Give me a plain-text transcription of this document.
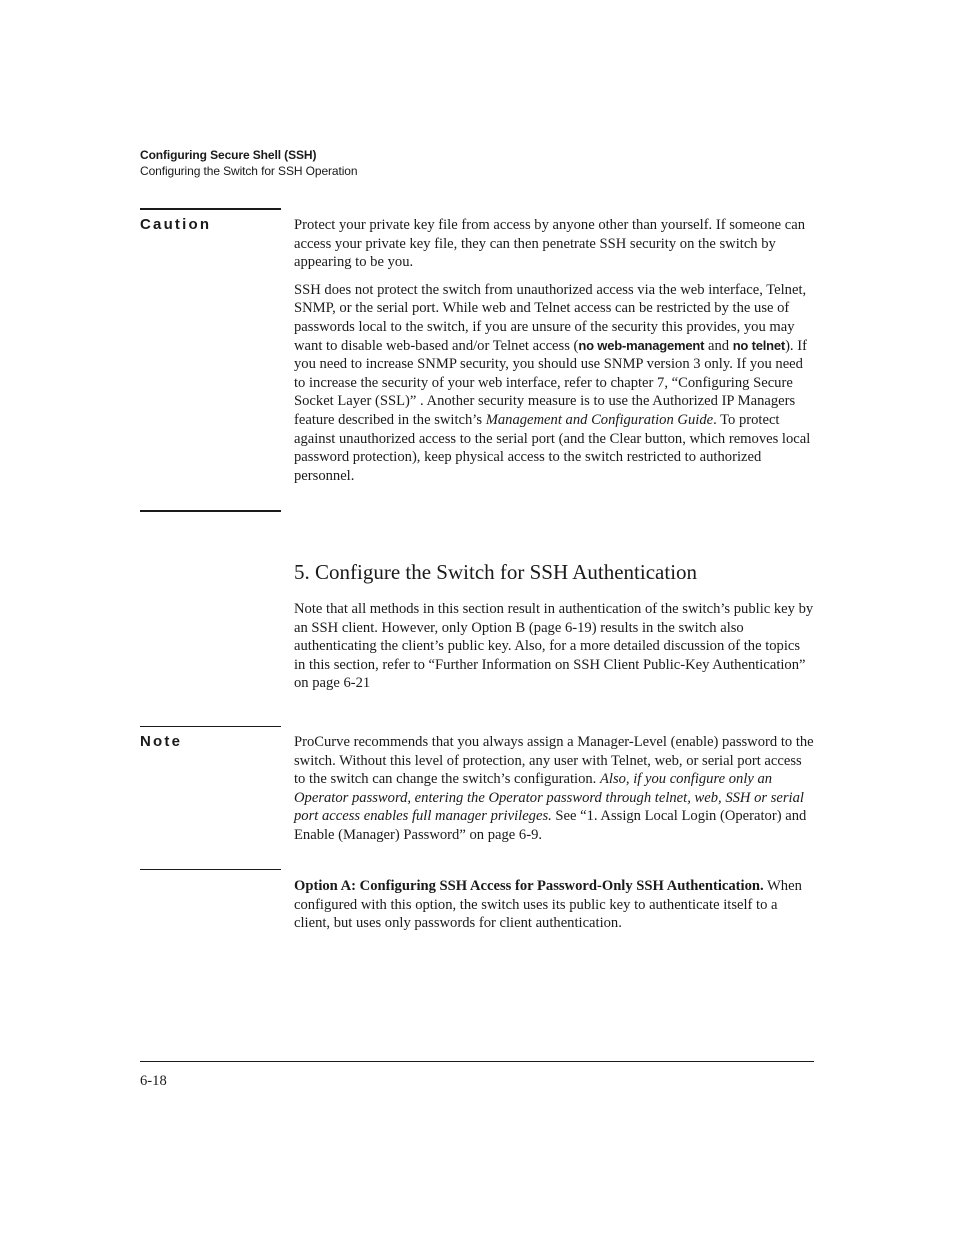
Configuring Secure Shell (SSH)
Configuring the Switch for SSH Operation
Caution	Protect your private key file from access by anyone other than yourself. If someone can access your private key file, they can then penetrate SSH security on the switch by appearing to be you.

SSH does not protect the switch from unauthorized access via the web interface, Telnet, SNMP, or the serial port. While web and Telnet access can be restricted by the use of passwords local to the switch, if you are unsure of the security this provides, you may want to disable web-based and/or Telnet access (no web-management and no telnet). If you need to increase SNMP security, you should use SNMP version 3 only. If you need to increase the security of your web interface, refer to chapter 7, “Configuring Secure Socket Layer (SSL)” . Another security measure is to use the Authorized IP Managers feature described in the switch’s Management and Configuration Guide. To protect against unauthorized access to the serial port (and the Clear button, which removes local password protection), keep physical access to the switch restricted to authorized personnel.

5. Configure the Switch for SSH Authentication

Note that all methods in this section result in authentication of the switch’s public key by an SSH client. However, only Option B (page 6-19) results in the switch also authenticating the client’s public key. Also, for a more detailed discussion of the topics in this section, refer to “Further Information on SSH Client Public-Key Authentication” on page 6-21

Note	ProCurve recommends that you always assign a Manager-Level (enable) password to the switch. Without this level of protection, any user with Telnet, web, or serial port access to the switch can change the switch’s configuration. Also, if you configure only an Operator password, entering the Operator password through telnet, web, SSH or serial port access enables full manager privileges. See “1. Assign Local Login (Operator) and Enable (Manager) Password” on page 6-9.

Option A: Configuring SSH Access for Password-Only SSH Authentication. When configured with this option, the switch uses its public key to authenticate itself to a client, but uses only passwords for client authentication.

6-18
